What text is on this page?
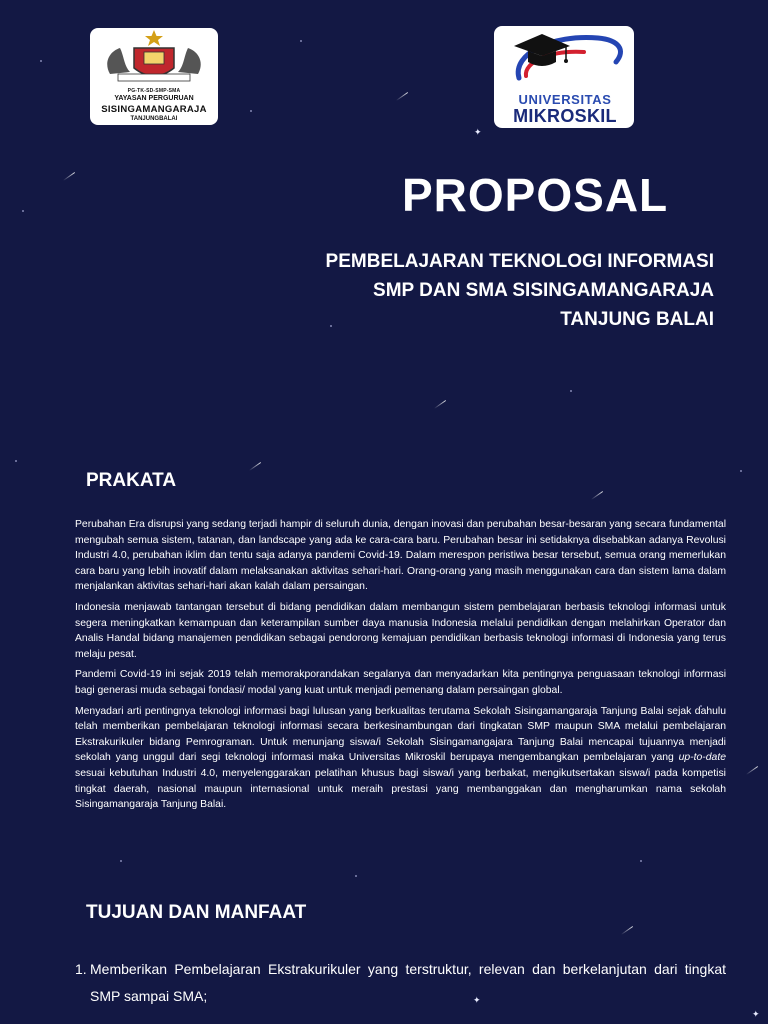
✦
✦
✦
PG-TK-SD-SMP-SMA
YAYASAN PERGURUAN
SISINGAMANGARAJA
TANJUNGBALAI
UNIVERSITAS
MIKROSKIL
PROPOSAL
PEMBELAJARAN TEKNOLOGI INFORMASI
SMP DAN SMA SISINGAMANGARAJA
TANJUNG BALAI
PRAKATA

Perubahan Era disrupsi yang sedang terjadi hampir di seluruh dunia, dengan inovasi dan perubahan besar-besaran yang secara fundamental mengubah semua sistem, tatanan, dan landscape yang ada ke cara-cara baru. Perubahan besar ini setidaknya disebabkan adanya Revolusi Industri 4.0, perubahan iklim dan tentu saja adanya pandemi Covid-19. Dalam merespon peristiwa besar tersebut, semua orang memerlukan cara baru yang lebih inovatif dalam melaksanakan aktivitas sehari-hari. Orang-orang yang masih menggunakan cara dan sistem lama dalam menjalankan aktivitas sehari-hari akan kalah dalam persaingan.

Indonesia menjawab tantangan tersebut di bidang pendidikan dalam membangun sistem pembelajaran berbasis teknologi informasi untuk segera meningkatkan kemampuan dan keterampilan sumber daya manusia Indonesia melalui pendidikan dengan melahirkan Operator dan Analis Handal bidang manajemen pendidikan sebagai pendorong kemajuan pendidikan berbasis teknologi informasi di Indonesia yang terus melaju pesat.

Pandemi Covid-19 ini sejak 2019 telah memorakporandakan segalanya dan menyadarkan kita pentingnya penguasaan teknologi informasi bagi generasi muda sebagai fondasi/ modal yang kuat untuk menjadi pemenang dalam persaingan global.

Menyadari arti pentingnya teknologi informasi bagi lulusan yang berkualitas terutama Sekolah Sisingamangaraja Tanjung Balai sejak dahulu telah memberikan pembelajaran teknologi informasi secara berkesinambungan dari tingkatan SMP maupun SMA melalui pembelajaran Ekstrakurikuler bidang Pemrograman. Untuk menunjang siswa/i Sekolah Sisingamangajara Tanjung Balai mencapai tujuannya menjadi sekolah yang unggul dari segi teknologi informasi maka Universitas Mikroskil berupaya mengembangkan pembelajaran yang up-to-date sesuai kebutuhan Industri 4.0, menyelenggarakan pelatihan khusus bagi siswa/i yang berbakat, mengikutsertakan siswa/i pada kompetisi tingkat daerah, nasional maupun internasional untuk meraih prestasi yang membanggakan dan mengharumkan nama sekolah Sisingamangaraja Tanjung Balai.

TUJUAN DAN MANFAAT
1. Memberikan Pembelajaran Ekstrakurikuler yang terstruktur, relevan dan berkelanjutan dari tingkat SMP sampai SMA;
